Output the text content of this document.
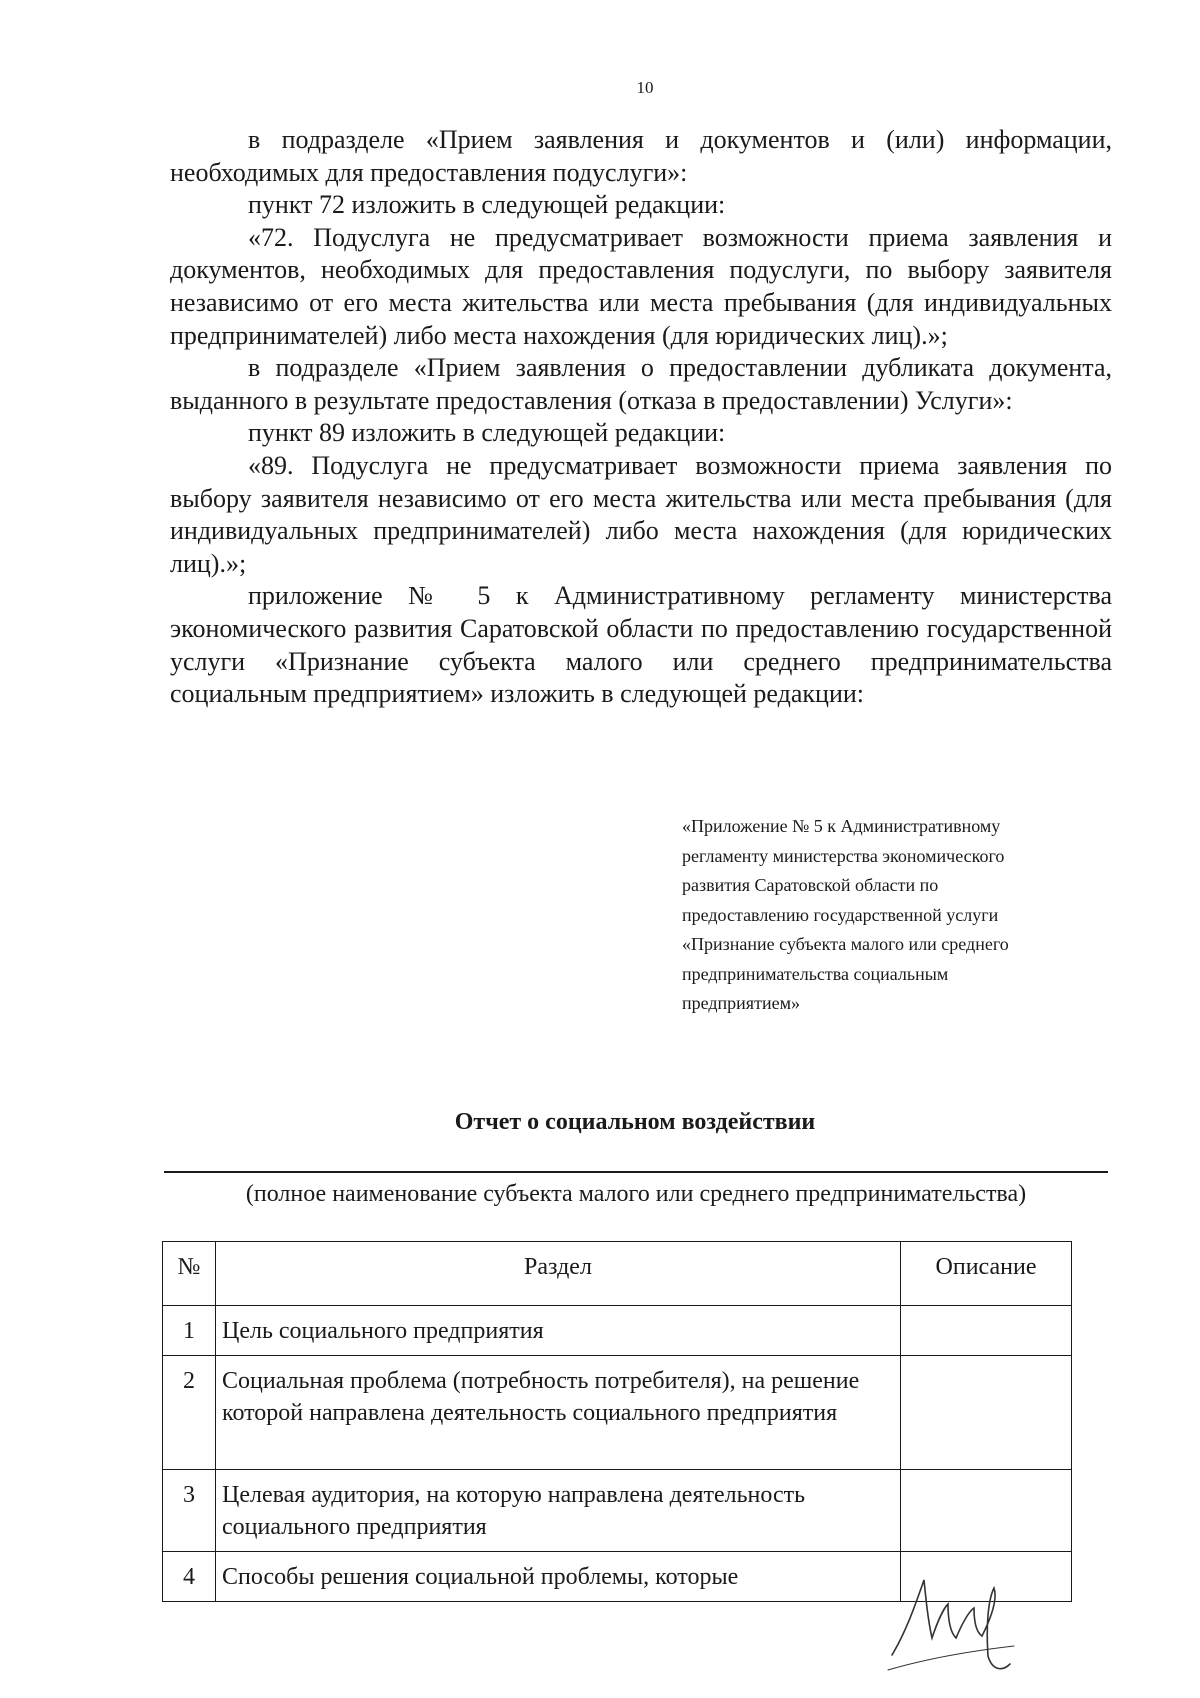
10

в подразделе «Прием заявления и документов и (или) информации, необходимых для предоставления подуслуги»:

пункт 72 изложить в следующей редакции:

«72. Подуслуга не предусматривает возможности приема заявления и документов, необходимых для предоставления подуслуги, по выбору заявителя независимо от его места жительства или места пребывания (для индивидуальных предпринимателей) либо места нахождения (для юридических лиц).»;

в подразделе «Прием заявления о предоставлении дубликата документа, выданного в результате предоставления (отказа в предоставлении) Услуги»:

пункт 89 изложить в следующей редакции:

«89. Подуслуга не предусматривает возможности приема заявления по выбору заявителя независимо от его места жительства или места пребывания (для индивидуальных предпринимателей) либо места нахождения (для юридических лиц).»;

приложение № 5 к Административному регламенту министерства экономического развития Саратовской области по предоставлению государственной услуги «Признание субъекта малого или среднего предпринимательства социальным предприятием» изложить в следующей редакции:

«Приложение № 5 к Административному
регламенту министерства экономического
развития Саратовской области по
предоставлению государственной услуги
«Признание субъекта малого или среднего
предпринимательства социальным
предприятием»
Отчет о социальном воздействии
(полное наименование субъекта малого или среднего предпринимательства)
№	Раздел	Описание
1	Цель социального предприятия	
2	Социальная проблема (потребность потребителя), на решение которой направлена деятельность социального предприятия	
3	Целевая аудитория, на которую направлена деятельность социального предприятия	
4	Способы решения социальной проблемы, которые	
